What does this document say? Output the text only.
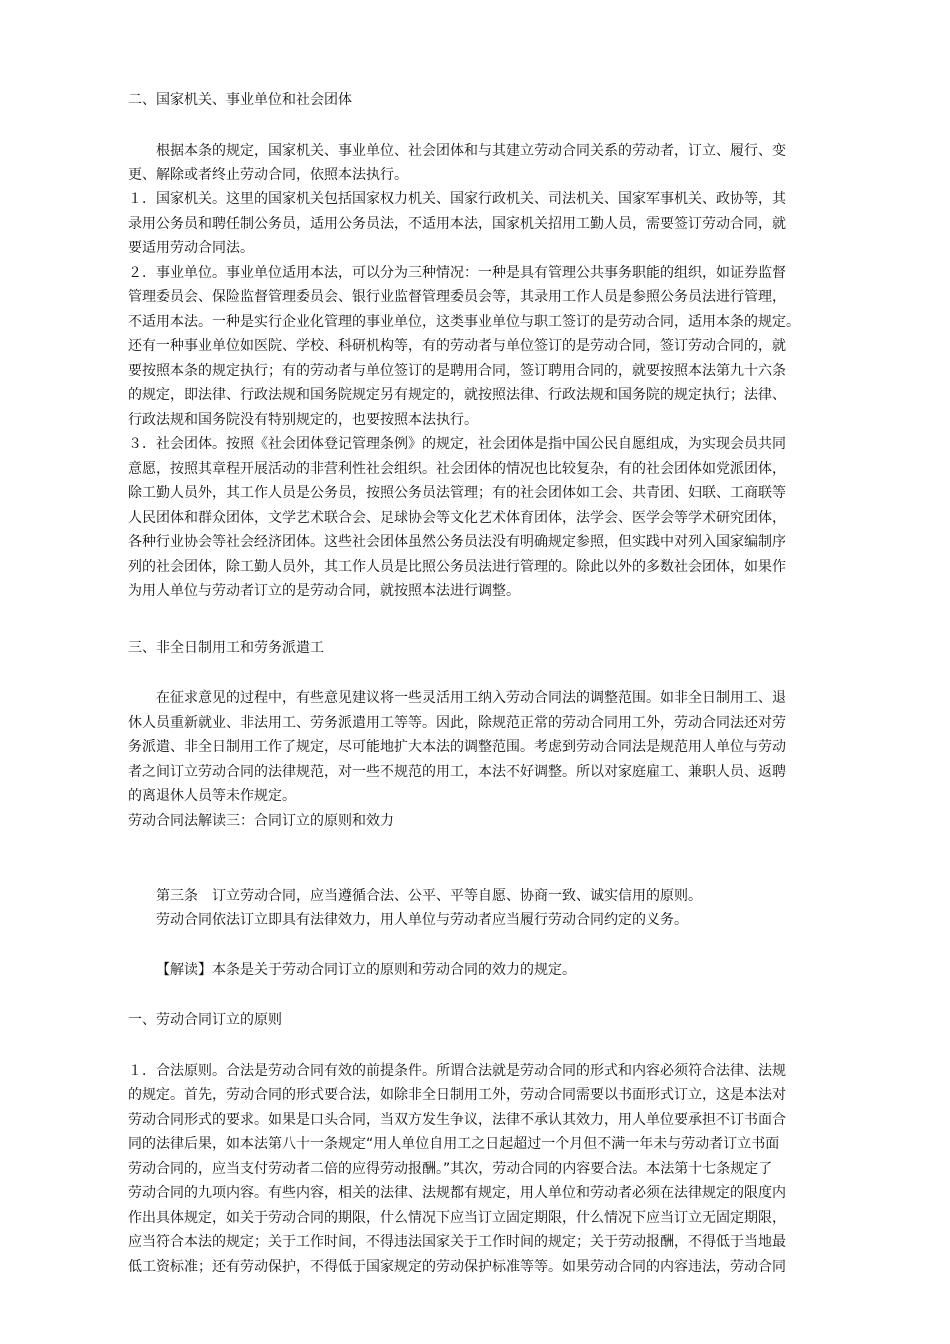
二、国家机关、事业单位和社会团体
根据本条的规定，国家机关、事业单位、社会团体和与其建立劳动合同关系的劳动者，订立、履行、变
更、解除或者终止劳动合同，依照本法执行。
１．国家机关。这里的国家机关包括国家权力机关、国家行政机关、司法机关、国家军事机关、政协等，其
录用公务员和聘任制公务员，适用公务员法，不适用本法，国家机关招用工勤人员，需要签订劳动合同，就
要适用劳动合同法。
２．事业单位。事业单位适用本法，可以分为三种情况：一种是具有管理公共事务职能的组织，如证券监督
管理委员会、保险监督管理委员会、银行业监督管理委员会等，其录用工作人员是参照公务员法进行管理，
不适用本法。一种是实行企业化管理的事业单位，这类事业单位与职工签订的是劳动合同，适用本条的规定。
还有一种事业单位如医院、学校、科研机构等，有的劳动者与单位签订的是劳动合同，签订劳动合同的，就
要按照本条的规定执行；有的劳动者与单位签订的是聘用合同，签订聘用合同的，就要按照本法第九十六条
的规定，即法律、行政法规和国务院规定另有规定的，就按照法律、行政法规和国务院的规定执行；法律、
行政法规和国务院没有特别规定的，也要按照本法执行。
３．社会团体。按照《社会团体登记管理条例》的规定，社会团体是指中国公民自愿组成，为实现会员共同
意愿，按照其章程开展活动的非营利性社会组织。社会团体的情况也比较复杂，有的社会团体如党派团体，
除工勤人员外，其工作人员是公务员，按照公务员法管理；有的社会团体如工会、共青团、妇联、工商联等
人民团体和群众团体，文学艺术联合会、足球协会等文化艺术体育团体，法学会、医学会等学术研究团体，
各种行业协会等社会经济团体。这些社会团体虽然公务员法没有明确规定参照，但实践中对列入国家编制序
列的社会团体，除工勤人员外，其工作人员是比照公务员法进行管理的。除此以外的多数社会团体，如果作
为用人单位与劳动者订立的是劳动合同，就按照本法进行调整。
三、非全日制用工和劳务派遣工
在征求意见的过程中，有些意见建议将一些灵活用工纳入劳动合同法的调整范围。如非全日制用工、退
休人员重新就业、非法用工、劳务派遣用工等等。因此，除规范正常的劳动合同用工外，劳动合同法还对劳
务派遣、非全日制用工作了规定，尽可能地扩大本法的调整范围。考虑到劳动合同法是规范用人单位与劳动
者之间订立劳动合同的法律规范，对一些不规范的用工，本法不好调整。所以对家庭雇工、兼职人员、返聘
的离退休人员等未作规定。
劳动合同法解读三：合同订立的原则和效力
第三条　订立劳动合同，应当遵循合法、公平、平等自愿、协商一致、诚实信用的原则。
劳动合同依法订立即具有法律效力，用人单位与劳动者应当履行劳动合同约定的义务。
【解读】本条是关于劳动合同订立的原则和劳动合同的效力的规定。
一、劳动合同订立的原则
１．合法原则。合法是劳动合同有效的前提条件。所谓合法就是劳动合同的形式和内容必须符合法律、法规
的规定。首先，劳动合同的形式要合法，如除非全日制用工外，劳动合同需要以书面形式订立，这是本法对
劳动合同形式的要求。如果是口头合同，当双方发生争议，法律不承认其效力，用人单位要承担不订书面合
同的法律后果，如本法第八十一条规定“用人单位自用工之日起超过一个月但不满一年未与劳动者订立书面
劳动合同的，应当支付劳动者二倍的应得劳动报酬。”其次，劳动合同的内容要合法。本法第十七条规定了
劳动合同的九项内容。有些内容，相关的法律、法规都有规定，用人单位和劳动者必须在法律规定的限度内
作出具体规定，如关于劳动合同的期限，什么情况下应当订立固定期限，什么情况下应当订立无固定期限，
应当符合本法的规定；关于工作时间，不得违法国家关于工作时间的规定；关于劳动报酬，不得低于当地最
低工资标准；还有劳动保护，不得低于国家规定的劳动保护标准等等。如果劳动合同的内容违法，劳动合同
